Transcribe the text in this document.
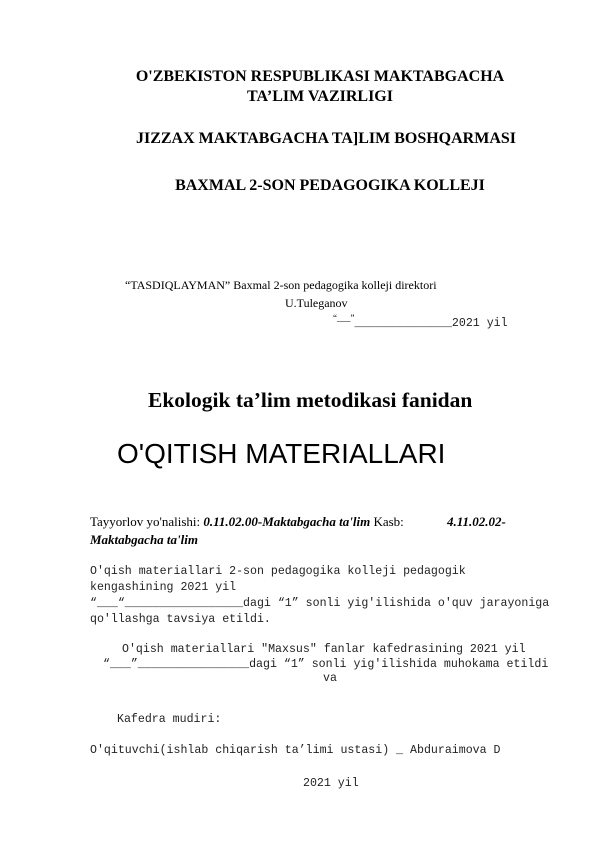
O'ZBEKISTON RESPUBLIKASI MAKTABGACHA
TA’LIM VAZIRLIGI
JIZZAX MAKTABGACHA TA]LIM BOSHQARMASI
BAXMAL 2-SON PEDAGOGIKA KOLLEJI
“TASDIQLAYMAN” Baxmal 2-son pedagogika kolleji direktori
U.Tuleganov
“___”______________2021 yil
Ekologik ta’lim metodikasi fanidan
O'QITISH MATERIALLARI
Tayyorlov yo'nalishi: 0.11.02.00-Maktabgacha ta'lim Kasb:	4.11.02.02-
Maktabgacha ta'lim
O'qish materiallari 2-son pedagogika kolleji pedagogik
kengashining 2021 yil
“___“_________________dagi “1” sonli yig'ilishida o'quv jarayoniga
qo'llashga tavsiya etildi.
O'qish materiallari "Maxsus" fanlar kafedrasining 2021 yil
“___”________________dagi “1” sonli yig'ilishida muhokama etildi
va
Kafedra mudiri:
O'qituvchi(ishlab chiqarish ta’limi ustasi) _ Abduraimova D
2021 yil
